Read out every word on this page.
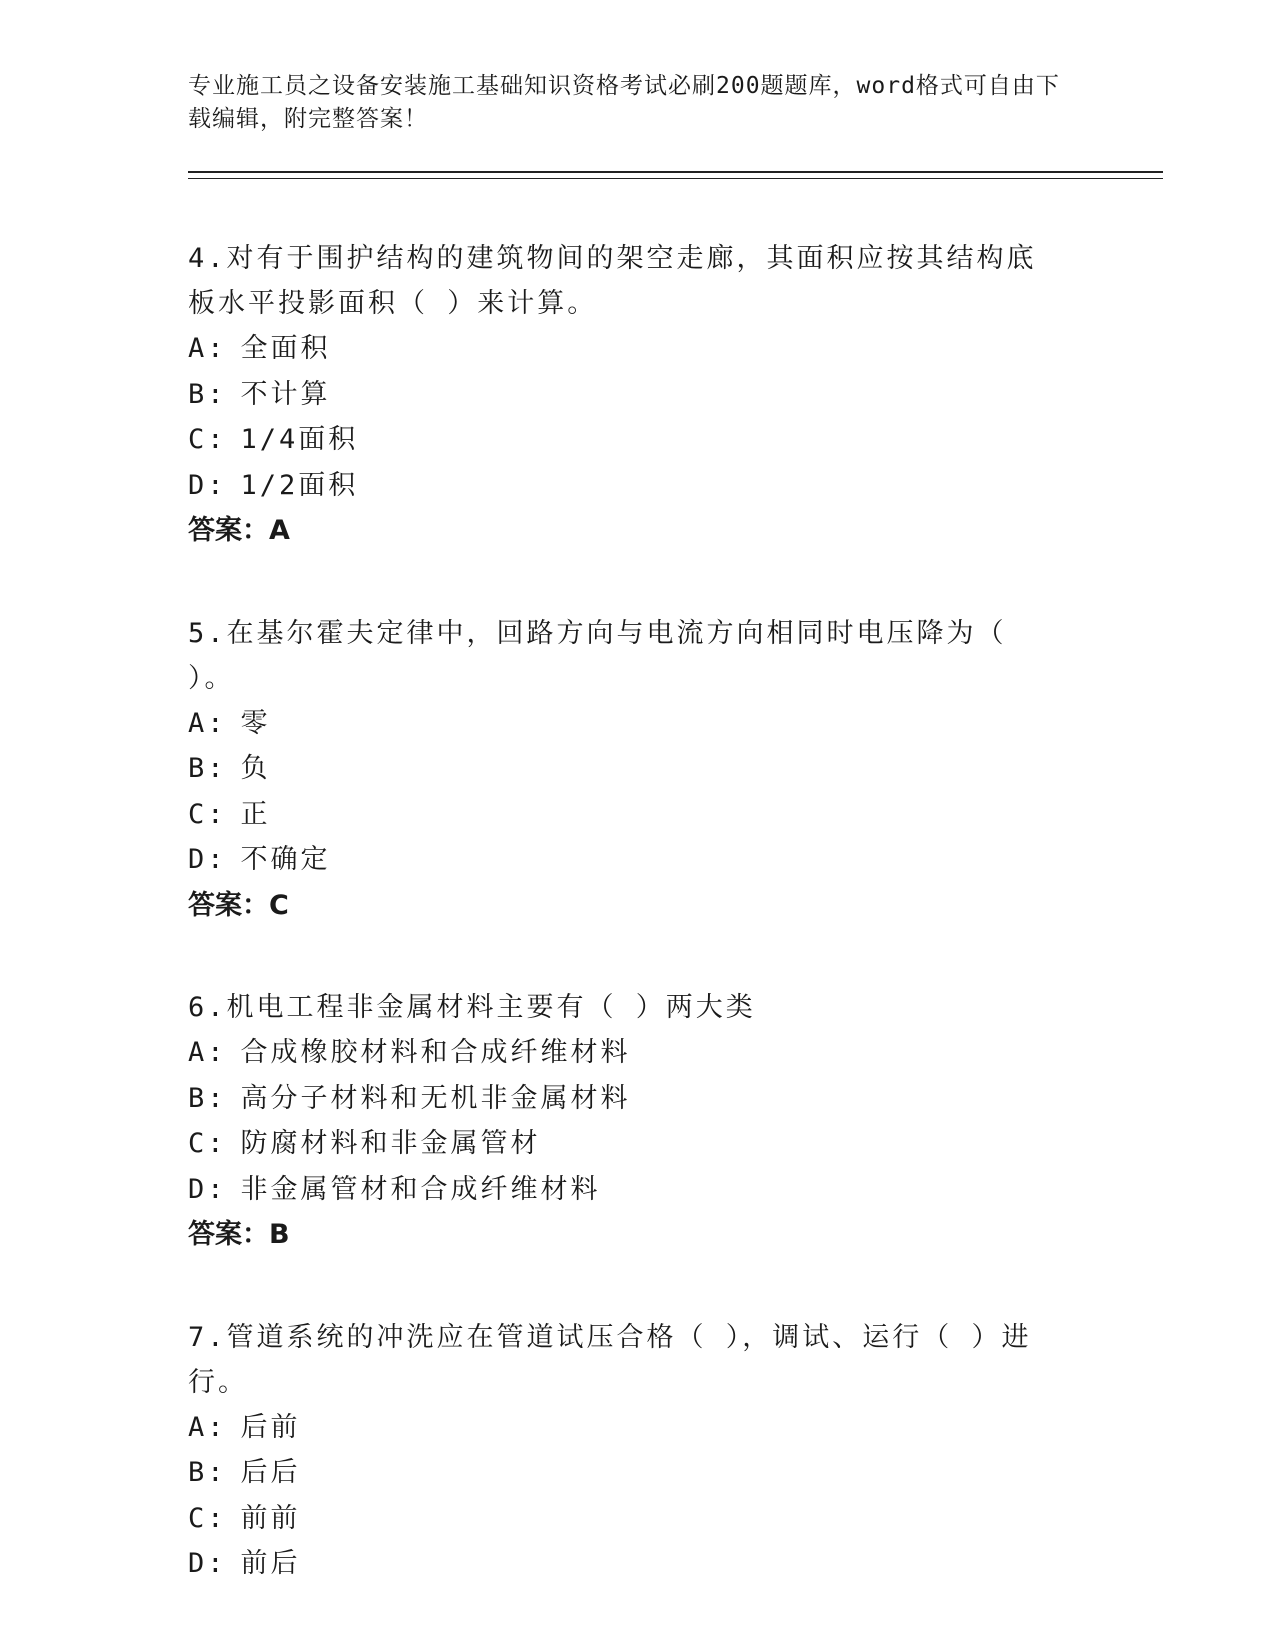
专业施工员之设备安装施工基础知识资格考试必刷200题题库，word格式可自由下载编辑，附完整答案！

4.对有于围护结构的建筑物间的架空走廊，其面积应按其结构底板水平投影面积（ ）来计算。

A: 全面积

B: 不计算

C: 1/4面积

D: 1/2面积

答案：A

5.在基尔霍夫定律中，回路方向与电流方向相同时电压降为（ ）。

A: 零

B: 负

C: 正

D: 不确定

答案：C

6.机电工程非金属材料主要有（ ）两大类

A: 合成橡胶材料和合成纤维材料

B: 高分子材料和无机非金属材料

C: 防腐材料和非金属管材

D: 非金属管材和合成纤维材料

答案：B

7.管道系统的冲洗应在管道试压合格（ ），调试、运行（ ）进行。

A: 后前

B: 后后

C: 前前

D: 前后
